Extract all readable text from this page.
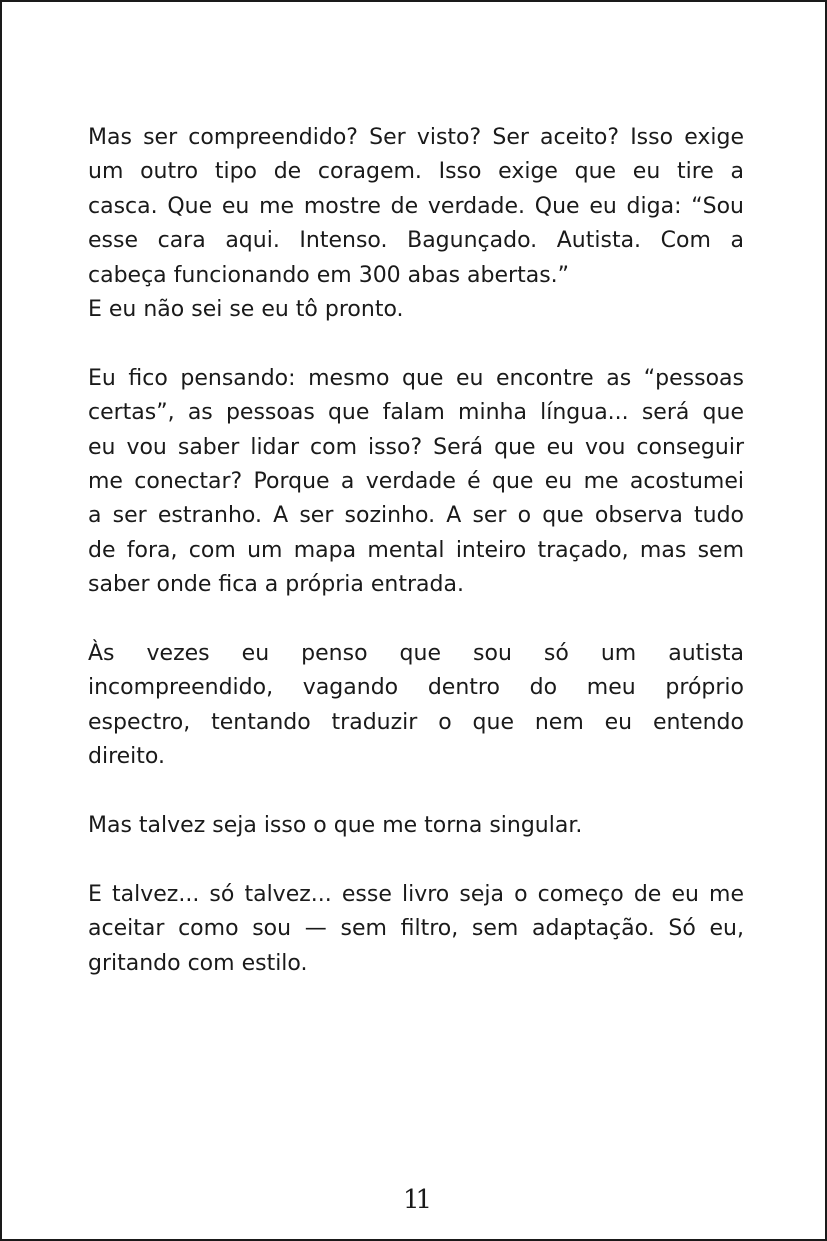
Mas ser compreendido? Ser visto? Ser aceito? Isso exige
um outro tipo de coragem. Isso exige que eu tire a
casca. Que eu me mostre de verdade. Que eu diga: “Sou
esse cara aqui. Intenso. Bagunçado. Autista. Com a
cabeça funcionando em 300 abas abertas.”
E eu não sei se eu tô pronto.

Eu fico pensando: mesmo que eu encontre as “pessoas
certas”, as pessoas que falam minha língua... será que
eu vou saber lidar com isso? Será que eu vou conseguir
me conectar? Porque a verdade é que eu me acostumei
a ser estranho. A ser sozinho. A ser o que observa tudo
de fora, com um mapa mental inteiro traçado, mas sem
saber onde fica a própria entrada.

Às vezes eu penso que sou só um autista
incompreendido, vagando dentro do meu próprio
espectro, tentando traduzir o que nem eu entendo
direito.

Mas talvez seja isso o que me torna singular.

E talvez... só talvez... esse livro seja o começo de eu me
aceitar como sou — sem filtro, sem adaptação. Só eu,
gritando com estilo.

11
